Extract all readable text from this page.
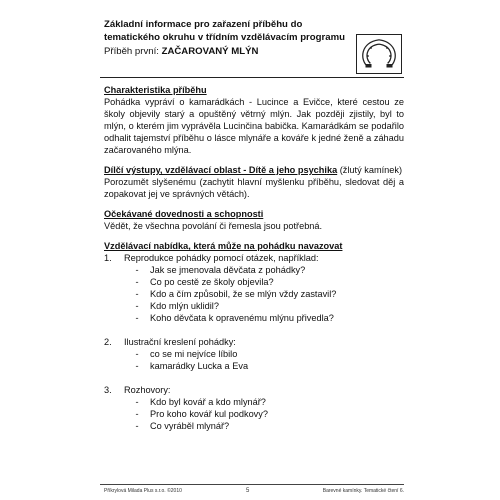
Základní informace pro zařazení příběhu do tematického okruhu v třídním vzdělávacím programu

Příběh první: ZAČAROVANÝ MLÝN
Charakteristika příběhu
Pohádka vypráví o kamarádkách - Lucince a Evičce, které cestou ze školy objevily starý a opuštěný větrný mlýn. Jak později zjistily, byl to mlýn, o kterém jim vyprávěla Lucinčina babička. Kamarádkám se podařilo odhalit tajemství příběhu o lásce mlynáře a kováře k jedné ženě a záhadu začarovaného mlýna.
Dílčí výstupy, vzdělávací oblast - Dítě a jeho psychika (žlutý kamínek)
Porozumět slyšenému (zachytit hlavní myšlenku příběhu, sledovat děj a zopakovat jej ve správných větách).
Očekávané dovednosti a schopnosti
Vědět, že všechna povolání či řemesla jsou potřebná.
Vzdělávací nabídka, která může na pohádku navazovat
1.	Reprodukce pohádky pomocí otázek, například:
-	Jak se jmenovala děvčata z pohádky?
-	Co po cestě ze školy objevila?
-	Kdo a čím způsobil, že se mlýn vždy zastavil?
-	Kdo mlýn uklidil?
-	Koho děvčata k opravenému mlýnu přivedla?
2.	Ilustrační kreslení pohádky:
-	co se mi nejvíce líbilo
-	kamarádky Lucka a Eva
3.	Rozhovory:
-	Kdo byl kovář a kdo mlynář?
-	Pro koho kovář kul podkovy?
-	Co vyráběl mlynář?
Příkrylová Milada Plus s.r.o. ©2010	5	Barevné kamínky. Tematické čtení 6.
